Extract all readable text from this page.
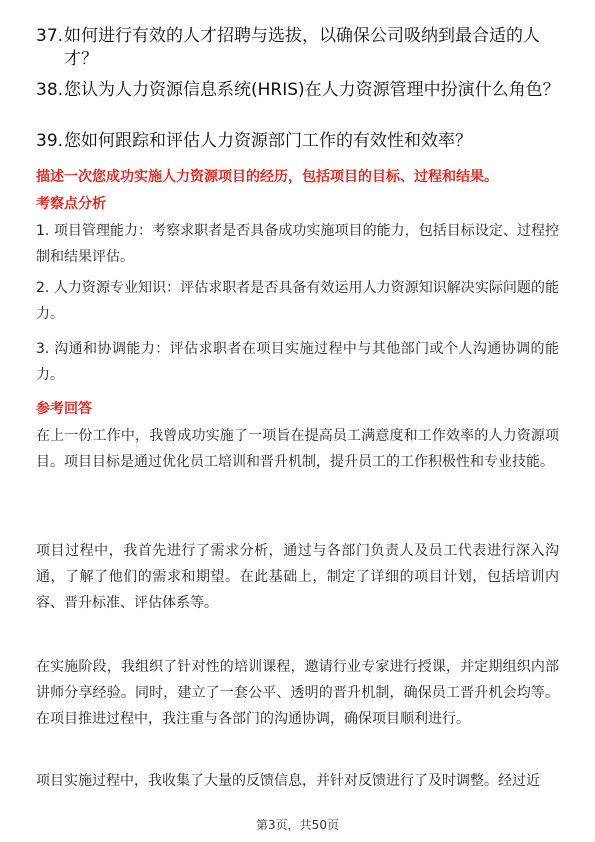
37. 如何进行有效的人才招聘与选拔，以确保公司吸纳到最合适的人才？
38. 您认为人力资源信息系统(HRIS)在人力资源管理中扮演什么角色？
39. 您如何跟踪和评估人力资源部门工作的有效性和效率？
描述一次您成功实施人力资源项目的经历，包括项目的目标、过程和结果。
考察点分析
1. 项目管理能力：考察求职者是否具备成功实施项目的能力，包括目标设定、过程控制和结果评估。
2. 人力资源专业知识：评估求职者是否具备有效运用人力资源知识解决实际问题的能力。
3. 沟通和协调能力：评估求职者在项目实施过程中与其他部门或个人沟通协调的能力。
参考回答
在上一份工作中，我曾成功实施了一项旨在提高员工满意度和工作效率的人力资源项目。项目目标是通过优化员工培训和晋升机制，提升员工的工作积极性和专业技能。
项目过程中，我首先进行了需求分析，通过与各部门负责人及员工代表进行深入沟通，了解了他们的需求和期望。在此基础上，制定了详细的项目计划，包括培训内容、晋升标准、评估体系等。
在实施阶段，我组织了针对性的培训课程，邀请行业专家进行授课，并定期组织内部讲师分享经验。同时，建立了一套公平、透明的晋升机制，确保员工晋升机会均等。在项目推进过程中，我注重与各部门的沟通协调，确保项目顺利进行。
项目实施过程中，我收集了大量的反馈信息，并针对反馈进行了及时调整。经过近
第3页，共50页
